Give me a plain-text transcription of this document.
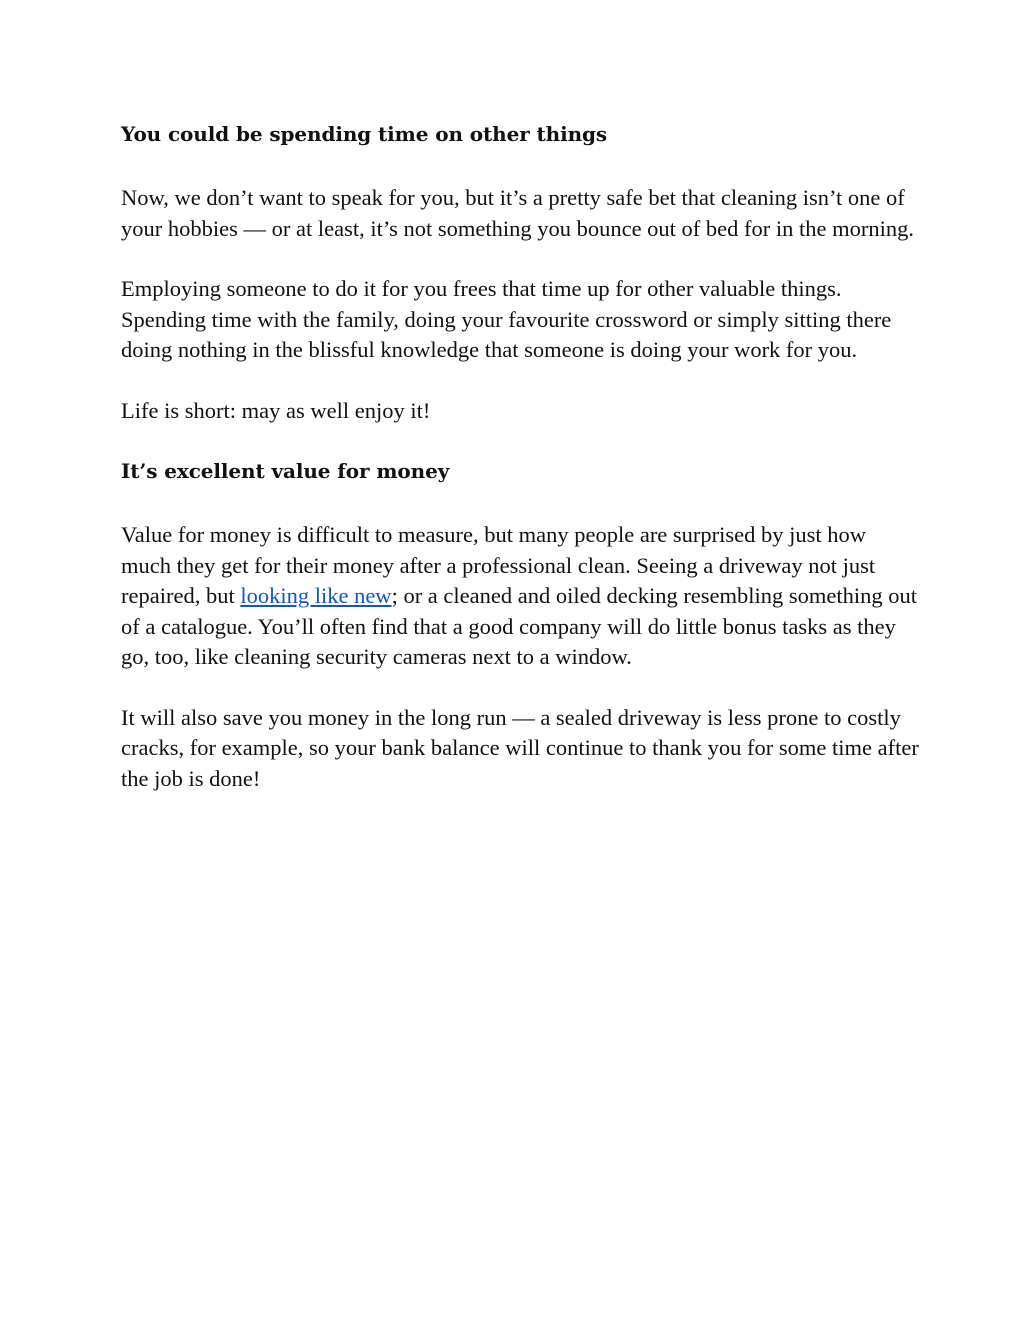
You could be spending time on other things

Now, we don’t want to speak for you, but it’s a pretty safe bet that cleaning isn’t one of your hobbies — or at least, it’s not something you bounce out of bed for in the morning.

Employing someone to do it for you frees that time up for other valuable things. Spending time with the family, doing your favourite crossword or simply sitting there doing nothing in the blissful knowledge that someone is doing your work for you.

Life is short: may as well enjoy it!

It’s excellent value for money

Value for money is difficult to measure, but many people are surprised by just how much they get for their money after a professional clean. Seeing a driveway not just repaired, but looking like new; or a cleaned and oiled decking resembling something out of a catalogue. You’ll often find that a good company will do little bonus tasks as they go, too, like cleaning security cameras next to a window.

It will also save you money in the long run — a sealed driveway is less prone to costly cracks, for example, so your bank balance will continue to thank you for some time after the job is done!
